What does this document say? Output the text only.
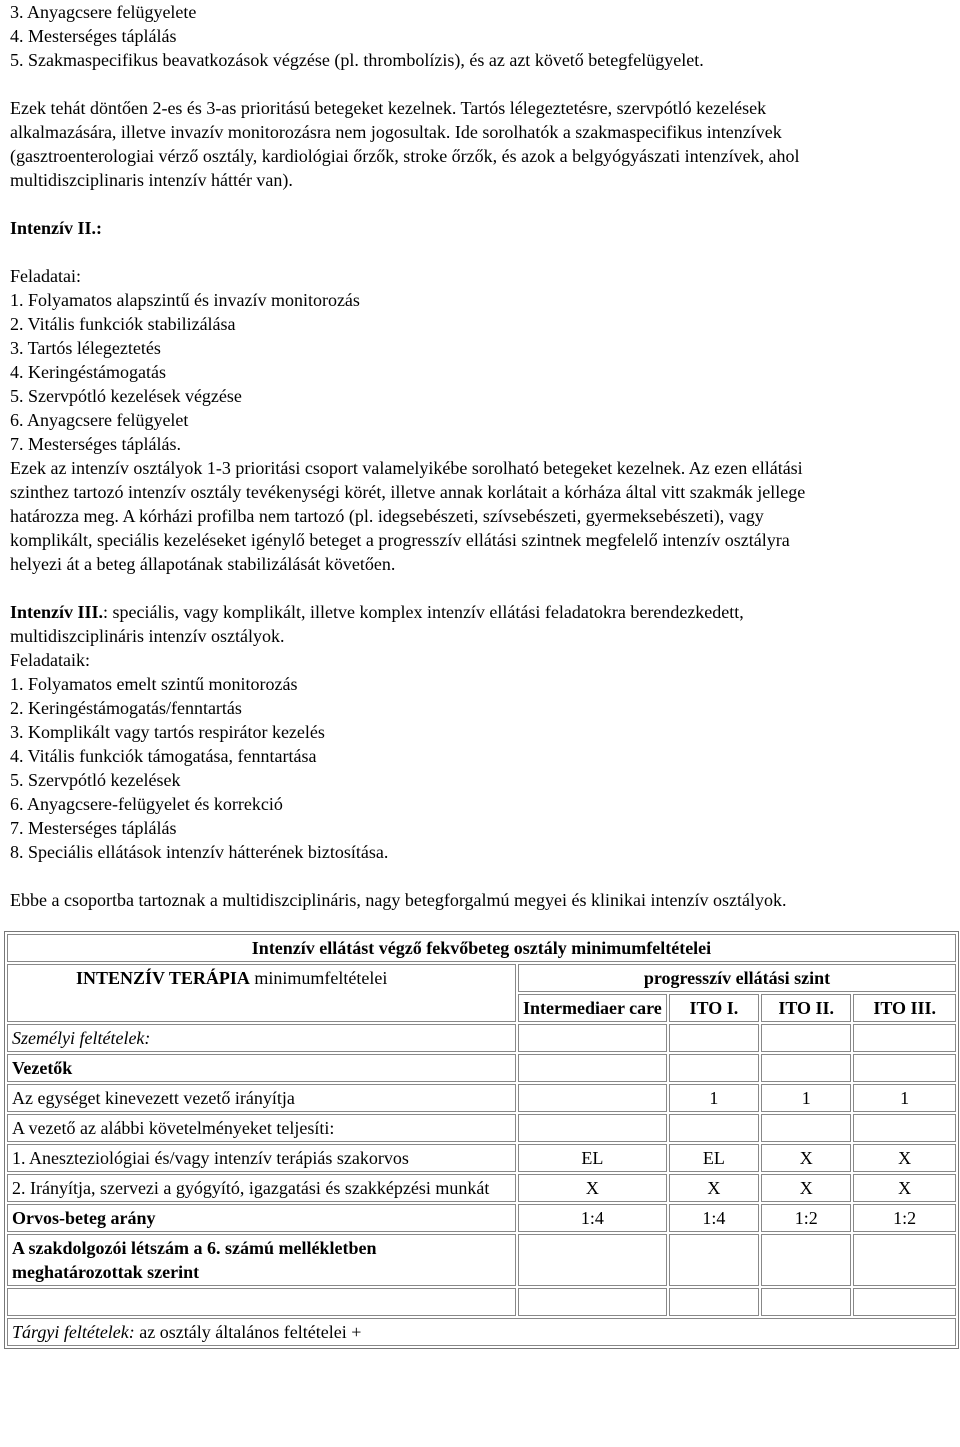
3. Anyagcsere felügyelete
4. Mesterséges táplálás
5. Szakmaspecifikus beavatkozások végzése (pl. thrombolízis), és az azt követő betegfelügyelet.
Ezek tehát döntően 2-es és 3-as prioritású betegeket kezelnek. Tartós lélegeztetésre, szervpótló kezelések
alkalmazására, illetve invazív monitorozásra nem jogosultak. Ide sorolhatók a szakmaspecifikus intenzívek
(gasztroenterologiai vérző osztály, kardiológiai őrzők, stroke őrzők, és azok a belgyógyászati intenzívek, ahol
multidiszciplinaris intenzív háttér van).
Intenzív II.:
Feladatai:
1. Folyamatos alapszintű és invazív monitorozás
2. Vitális funkciók stabilizálása
3. Tartós lélegeztetés
4. Keringéstámogatás
5. Szervpótló kezelések végzése
6. Anyagcsere felügyelet
7. Mesterséges táplálás.
Ezek az intenzív osztályok 1-3 prioritási csoport valamelyikébe sorolható betegeket kezelnek. Az ezen ellátási
szinthez tartozó intenzív osztály tevékenységi körét, illetve annak korlátait a kórháza által vitt szakmák jellege
határozza meg. A kórházi profilba nem tartozó (pl. idegsebészeti, szívsebészeti, gyermeksebészeti), vagy
komplikált, speciális kezeléseket igénylő beteget a progresszív ellátási szintnek megfelelő intenzív osztályra
helyezi át a beteg állapotának stabilizálását követően.
Intenzív III.: speciális, vagy komplikált, illetve komplex intenzív ellátási feladatokra berendezkedett,
multidiszciplináris intenzív osztályok.
Feladataik:
1. Folyamatos emelt szintű monitorozás
2. Keringéstámogatás/fenntartás
3. Komplikált vagy tartós respirátor kezelés
4. Vitális funkciók támogatása, fenntartása
5. Szervpótló kezelések
6. Anyagcsere-felügyelet és korrekció
7. Mesterséges táplálás
8. Speciális ellátások intenzív hátterének biztosítása.
Ebbe a csoportba tartoznak a multidiszciplináris, nagy betegforgalmú megyei és klinikai intenzív osztályok.
Intenzív ellátást végző fekvőbeteg osztály minimumfeltételei				
INTENZÍV TERÁPIA minimumfeltételei	progresszív ellátási szint			
	Intermediaer care	ITO I.	ITO II.	ITO III.
Személyi feltételek:				
Vezetők				
Az egységet kinevezett vezető irányítja		1	1	1
A vezető az alábbi követelményeket teljesíti:				
1. Aneszteziológiai és/vagy intenzív terápiás szakorvos	EL	EL	X	X
2. Irányítja, szervezi a gyógyító, igazgatási és szakképzési munkát	X	X	X	X
Orvos-beteg arány	1:4	1:4	1:2	1:2
A szakdolgozói létszám a 6. számú mellékletben meghatározottak szerint				

Tárgyi feltételek: az osztály általános feltételei +				
